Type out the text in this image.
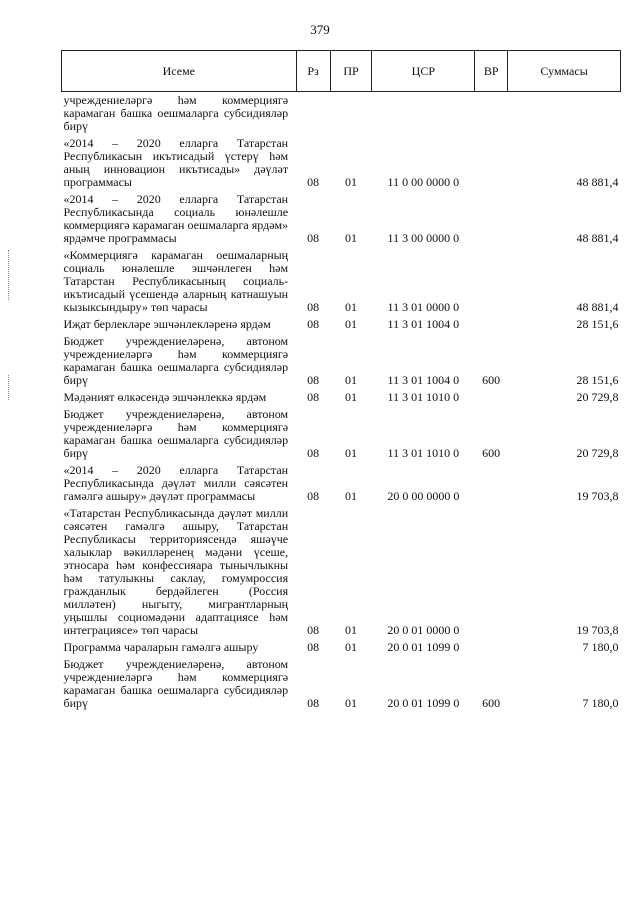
379
Исеме	Рз	ПР	ЦСР	ВР	Суммасы
учреждениеләргә һәм коммерциягә карамаган башка оешмаларга субсидияләр бирү					
«2014 – 2020 елларга Татарстан Республикасын икътисадый үстерү һәм аның инновацион икътисады» дәүләт программасы	08	01	11 0 00 0000 0		48 881,4
«2014 – 2020 елларга Татарстан Республикасында социаль юнәлешле коммерциягә карамаган оешмаларга ярдәм» ярдәмче программасы	08	01	11 3 00 0000 0		48 881,4
«Коммерциягә карамаган оешмаларның социаль юнәлешле эшчәнлеген һәм Татарстан Республикасының социаль-икътисадый үсешендә аларның катнашуын кызыксындыру» төп чарасы	08	01	11 3 01 0000 0		48 881,4
Иҗат берлекләре эшчәнлекләренә ярдәм	08	01	11 3 01 1004 0		28 151,6
Бюджет учреждениеләренә, автоном учреждениеләргә һәм коммерциягә карамаган башка оешмаларга субсидияләр бирү	08	01	11 3 01 1004 0	600	28 151,6
Мәдәният өлкәсендә эшчәнлеккә ярдәм	08	01	11 3 01 1010 0		20 729,8
Бюджет учреждениеләренә, автоном учреждениеләргә һәм коммерциягә карамаган башка оешмаларга субсидияләр бирү	08	01	11 3 01 1010 0	600	20 729,8
«2014 – 2020 елларга Татарстан Республикасында дәүләт милли сәясәтен гамәлгә ашыру» дәүләт программасы	08	01	20 0 00 0000 0		19 703,8
«Татарстан Республикасында дәүләт милли сәясәтен гамәлгә ашыру, Татарстан Республикасы территориясендә яшәүче халыклар вәкилләренең мәдәни үсеше, этносара һәм конфессияара тынычлыкны һәм татулыкны саклау, гомумроссия гражданлык бердәйлеген (Россия милләтен) ныгыту, мигрантларның уңышлы социомәдәни адаптациясе һәм интеграциясе» төп чарасы	08	01	20 0 01 0000 0		19 703,8
Программа чараларын гамәлгә ашыру	08	01	20 0 01 1099 0		7 180,0
Бюджет учреждениеләренә, автоном учреждениеләргә һәм коммерциягә карамаган башка оешмаларга субсидияләр бирү	08	01	20 0 01 1099 0	600	7 180,0
